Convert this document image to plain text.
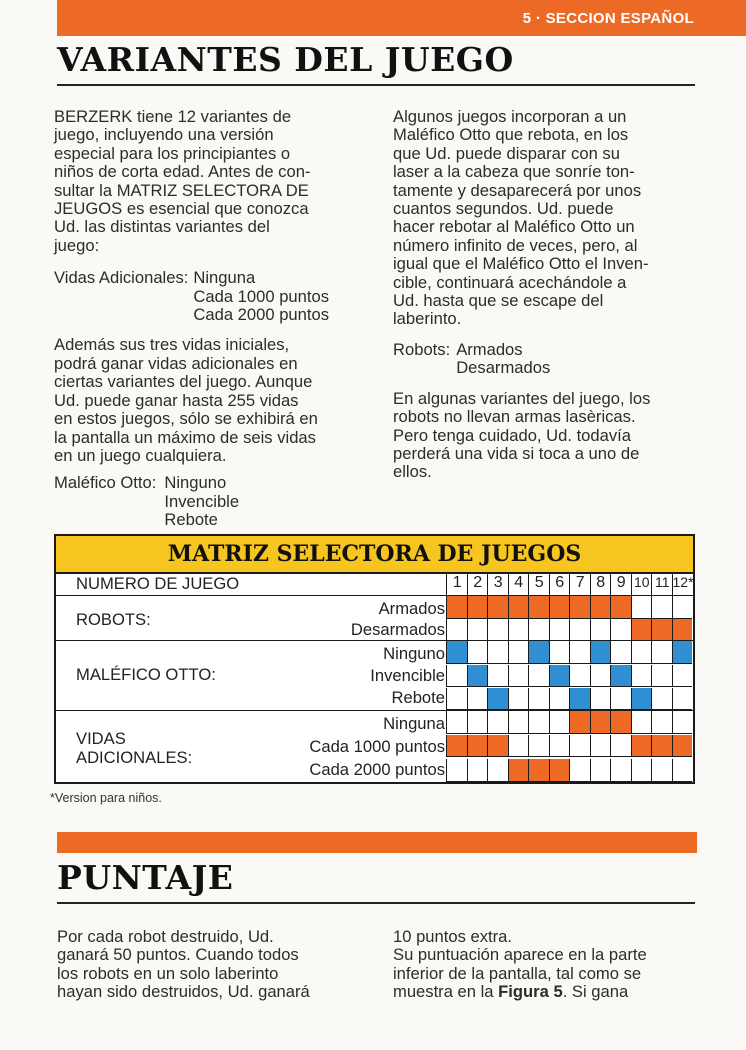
5 · SECCION ESPAÑOL
VARIANTES DEL JUEGO

BERZERK tiene 12 variantes de
juego, incluyendo una versión
especial para los principiantes o
niños de corta edad. Antes de con-
sultar la MATRIZ SELECTORA DE
JEUGOS es esencial que conozca
Ud. las distintas variantes del
juego:

Vidas Adicionales: Ninguna
Cada 1000 puntos
Cada 2000 puntos

Además sus tres vidas iniciales,
podrá ganar vidas adicionales en
ciertas variantes del juego. Aunque
Ud. puede ganar hasta 255 vidas
en estos juegos, sólo se exhibirá en
la pantalla un máximo de seis vidas
en un juego cualquiera.

Maléfico Otto: Ninguno
Invencible
Rebote

Algunos juegos incorporan a un
Maléfico Otto que rebota, en los
que Ud. puede disparar con su
laser a la cabeza que sonríe ton-
tamente y desaparecerá por unos
cuantos segundos. Ud. puede
hacer rebotar al Maléfico Otto un
número infinito de veces, pero, al
igual que el Maléfico Otto el Inven-
cible, continuará acechándole a
Ud. hasta que se escape del
laberinto.

Robots: Armados
Desarmados

En algunas variantes del juego, los
robots no llevan armas lasèricas.
Pero tenga cuidado, Ud. todavía
perderá una vida si toca a uno de
ellos.

MATRIZ SELECTORA DE JUEGOS
NUMERO DE JUEGO
ROBOTS:
Armados
Desarmados
MALÉFICO OTTO:
Ninguno
Invencible
Rebote
VIDAS
ADICIONALES:
Ninguna
Cada 1000 puntos
Cada 2000 puntos
1 2 3 4 5 6 7 8 9 10 11 12*
*Version para niños.
PUNTAJE

Por cada robot destruido, Ud.
ganará 50 puntos. Cuando todos
los robots en un solo laberinto
hayan sido destruidos, Ud. ganará

10 puntos extra.
Su puntuación aparece en la parte
inferior de la pantalla, tal como se
muestra en la Figura 5. Si gana
